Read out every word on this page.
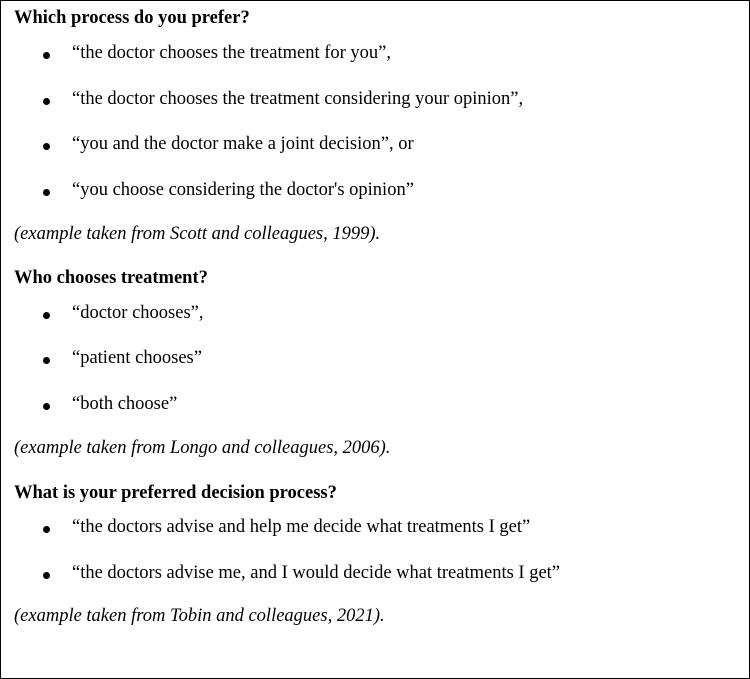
Which process do you prefer?
“the doctor chooses the treatment for you”,
“the doctor chooses the treatment considering your opinion”,
“you and the doctor make a joint decision”, or
“you choose considering the doctor's opinion”
(example taken from Scott and colleagues, 1999).
Who chooses treatment?
“doctor chooses”,
“patient chooses”
“both choose”
(example taken from Longo and colleagues, 2006).
What is your preferred decision process?
“the doctors advise and help me decide what treatments I get”
“the doctors advise me, and I would decide what treatments I get”
(example taken from Tobin and colleagues, 2021).
